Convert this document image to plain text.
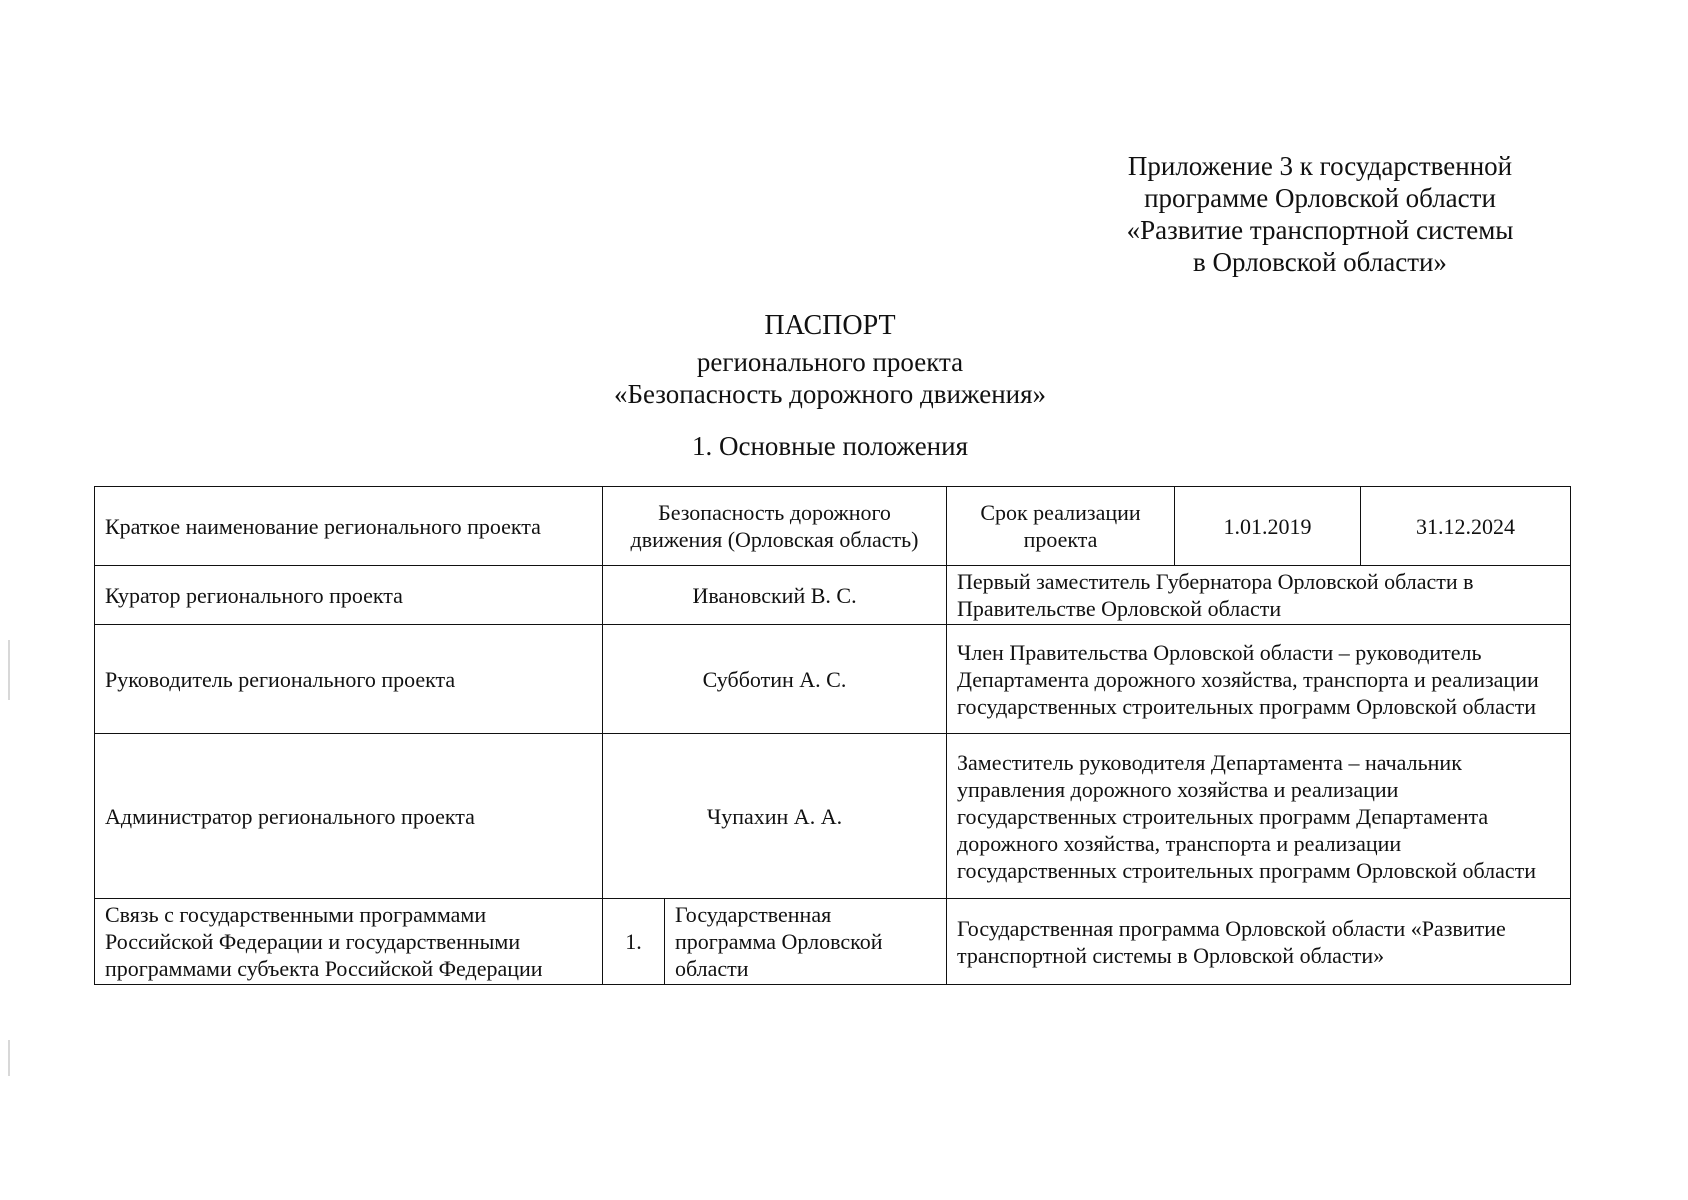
Приложение 3 к государственной
программе Орловской области
«Развитие транспортной системы
в Орловской области»
ПАСПОРТ
регионального проекта
«Безопасность дорожного движения»
1. Основные положения
Краткое наименование регионального проекта	Безопасность дорожного движения (Орловская область)		Срок реализации проекта	1.01.2019	31.12.2024
Куратор регионального проекта	Ивановский В. С.		Первый заместитель Губернатора Орловской области в Правительстве Орловской области		
Руководитель регионального проекта	Субботин А. С.		Член Правительства Орловской области – руководитель Департамента дорожного хозяйства, транспорта и реализации государственных строительных программ Орловской области		
Администратор регионального проекта	Чупахин А. А.		Заместитель руководителя Департамента – начальник управления дорожного хозяйства и реализации государственных строительных программ Департамента дорожного хозяйства, транспорта и реализации государственных строительных программ Орловской области		
Связь с государственными программами Российской Федерации и государственными программами субъекта Российской Федерации	1.	Государственная программа Орловской области	Государственная программа Орловской области «Развитие транспортной системы в Орловской области»		
